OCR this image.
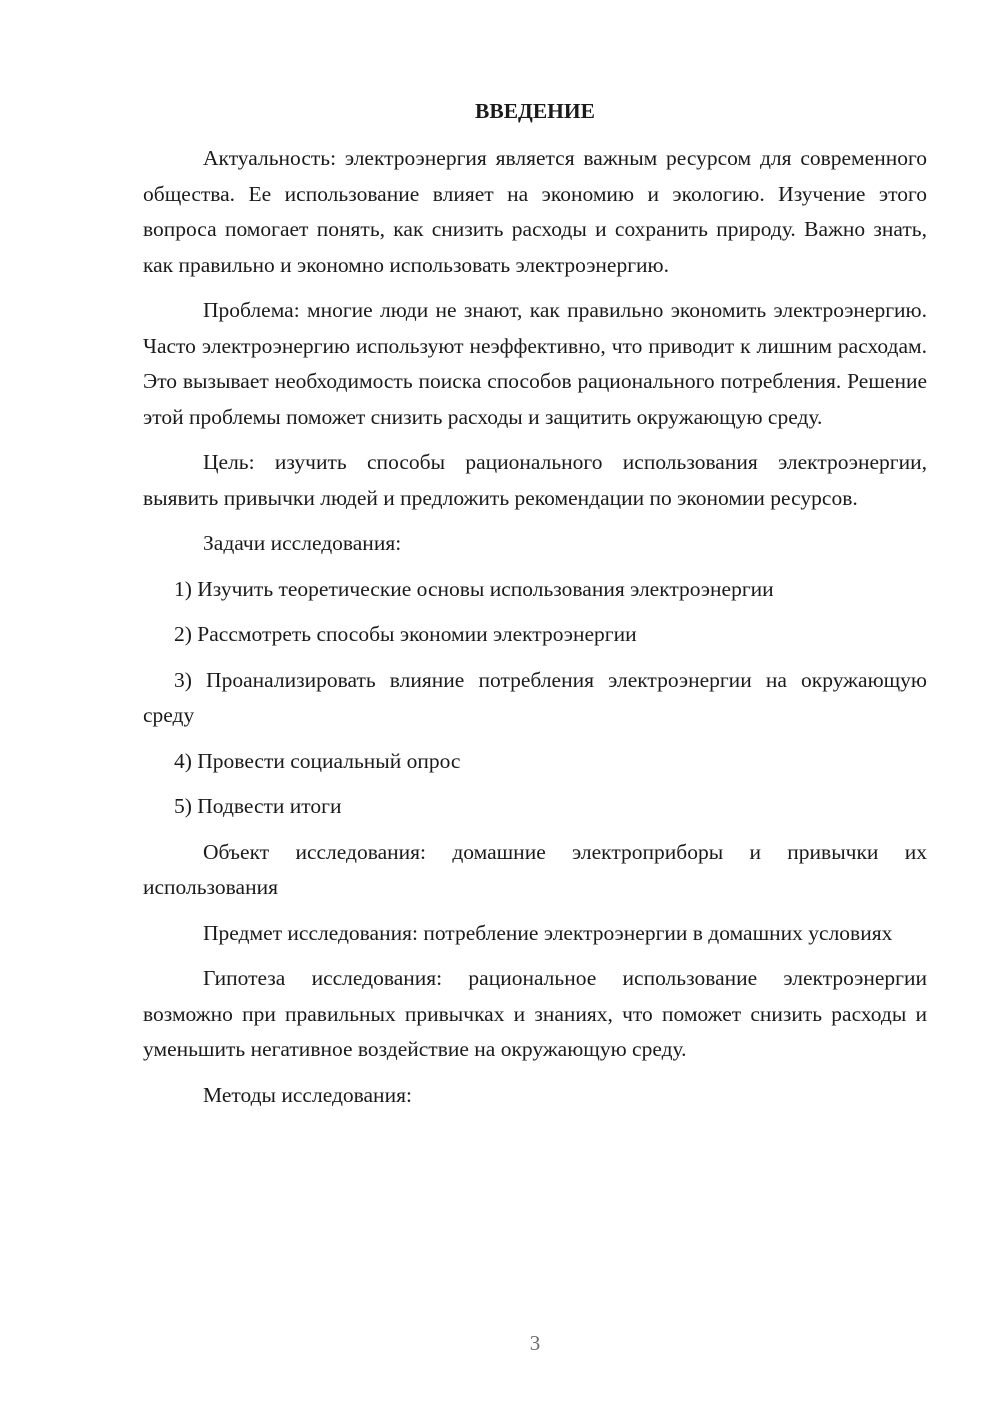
ВВЕДЕНИЕ

Актуальность: электроэнергия является важным ресурсом для современного общества. Ее использование влияет на экономию и экологию. Изучение этого вопроса помогает понять, как снизить расходы и сохранить природу. Важно знать, как правильно и экономно использовать электроэнергию.

Проблема: многие люди не знают, как правильно экономить электроэнергию. Часто электроэнергию используют неэффективно, что приводит к лишним расходам. Это вызывает необходимость поиска способов рационального потребления. Решение этой проблемы поможет снизить расходы и защитить окружающую среду.

Цель: изучить способы рационального использования электроэнергии, выявить привычки людей и предложить рекомендации по экономии ресурсов.

Задачи исследования:

1) Изучить теоретические основы использования электроэнергии

2) Рассмотреть способы экономии электроэнергии

3) Проанализировать влияние потребления электроэнергии на окружающую среду

4) Провести социальный опрос

5) Подвести итоги

Объект исследования: домашние электроприборы и привычки их использования

Предмет исследования: потребление электроэнергии в домашних условиях

Гипотеза исследования: рациональное использование электроэнергии возможно при правильных привычках и знаниях, что поможет снизить расходы и уменьшить негативное воздействие на окружающую среду.

Методы исследования:

3
